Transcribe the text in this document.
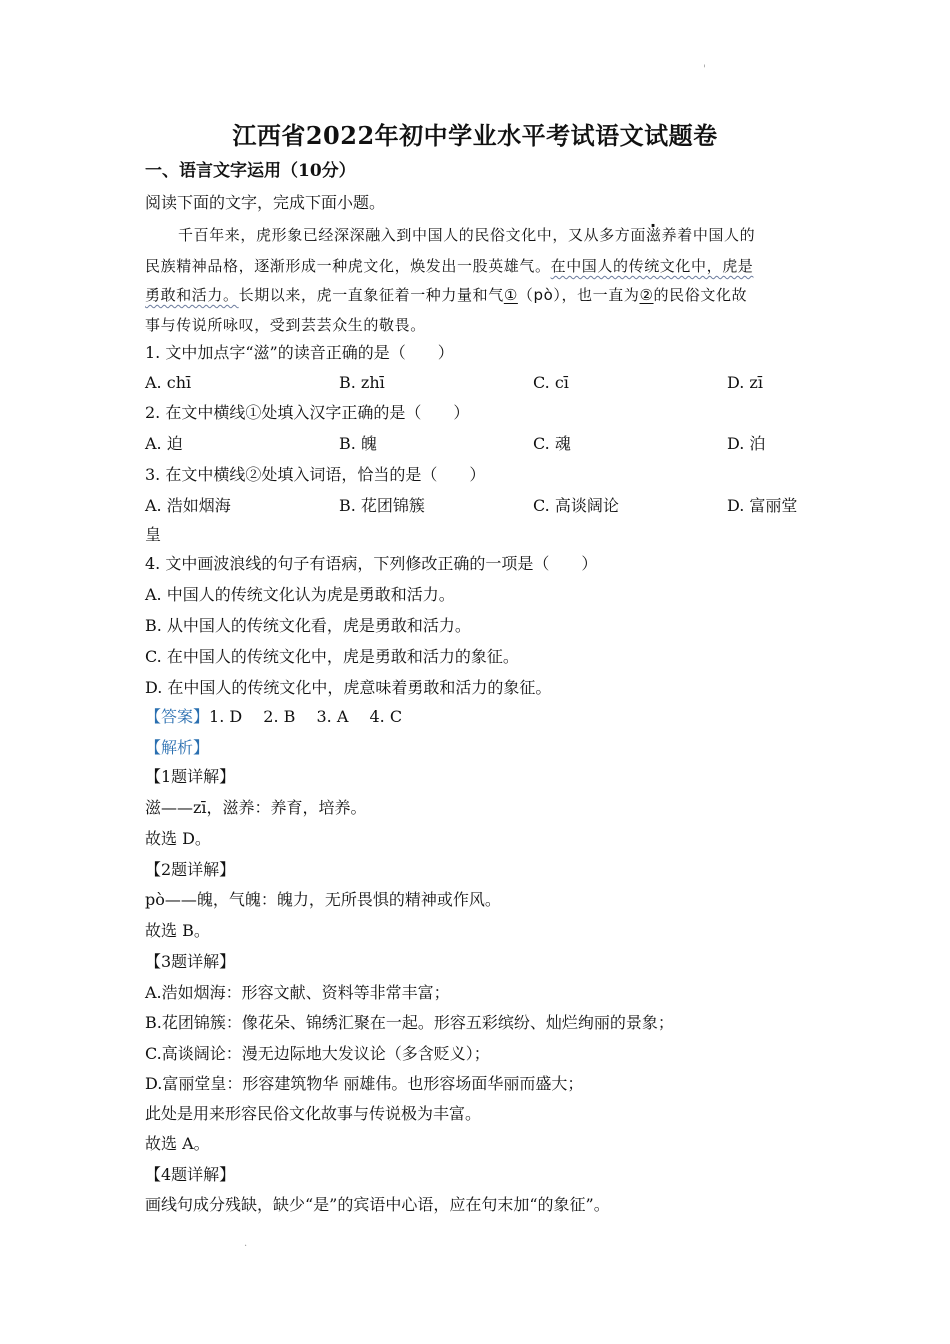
'
江西省2022年初中学业水平考试语文试题卷
一、语言文字运用（10分）
阅读下面的文字，完成下面小题。
千百年来，虎形象已经深深融入到中国人的民俗文化中，又从多方面滋养着中国人的
民族精神品格，逐渐形成一种虎文化，焕发出一股英雄气。在中国人的传统文化中，虎是
勇敢和活力。长期以来，虎一直象征着一种力量和气①（pò），也一直为②的民俗文化故
事与传说所咏叹，受到芸芸众生的敬畏。
1. 文中加点字“滋”的读音正确的是（　　）
A. chī	B. zhī	C. cī	D. zī
2. 在文中横线①处填入汉字正确的是（　　）
A. 迫	B. 魄	C. 魂	D. 泊
3. 在文中横线②处填入词语，恰当的是（　　）
A. 浩如烟海	B. 花团锦簇	C. 高谈阔论	D. 富丽堂
皇
4. 文中画波浪线的句子有语病，下列修改正确的一项是（　　）
A. 中国人的传统文化认为虎是勇敢和活力。
B. 从中国人的传统文化看，虎是勇敢和活力。
C. 在中国人的传统文化中，虎是勇敢和活力的象征。
D. 在中国人的传统文化中，虎意味着勇敢和活力的象征。
【答案】1. D　 2. B　 3. A　 4. C
【解析】
【1题详解】
滋——zī，滋养：养育，培养。
故选 D。
【2题详解】
pò——魄，气魄：魄力，无所畏惧的精神或作风。
故选 B。
【3题详解】
A.浩如烟海：形容文献、资料等非常丰富；
B.花团锦簇：像花朵、锦绣汇聚在一起。形容五彩缤纷、灿烂绚丽的景象；
C.高谈阔论：漫无边际地大发议论（多含贬义）；
D.富丽堂皇：形容建筑物华 丽雄伟。也形容场面华丽而盛大；
此处是用来形容民俗文化故事与传说极为丰富。
故选 A。
【4题详解】
画线句成分残缺，缺少“是”的宾语中心语，应在句末加“的象征”。
.
